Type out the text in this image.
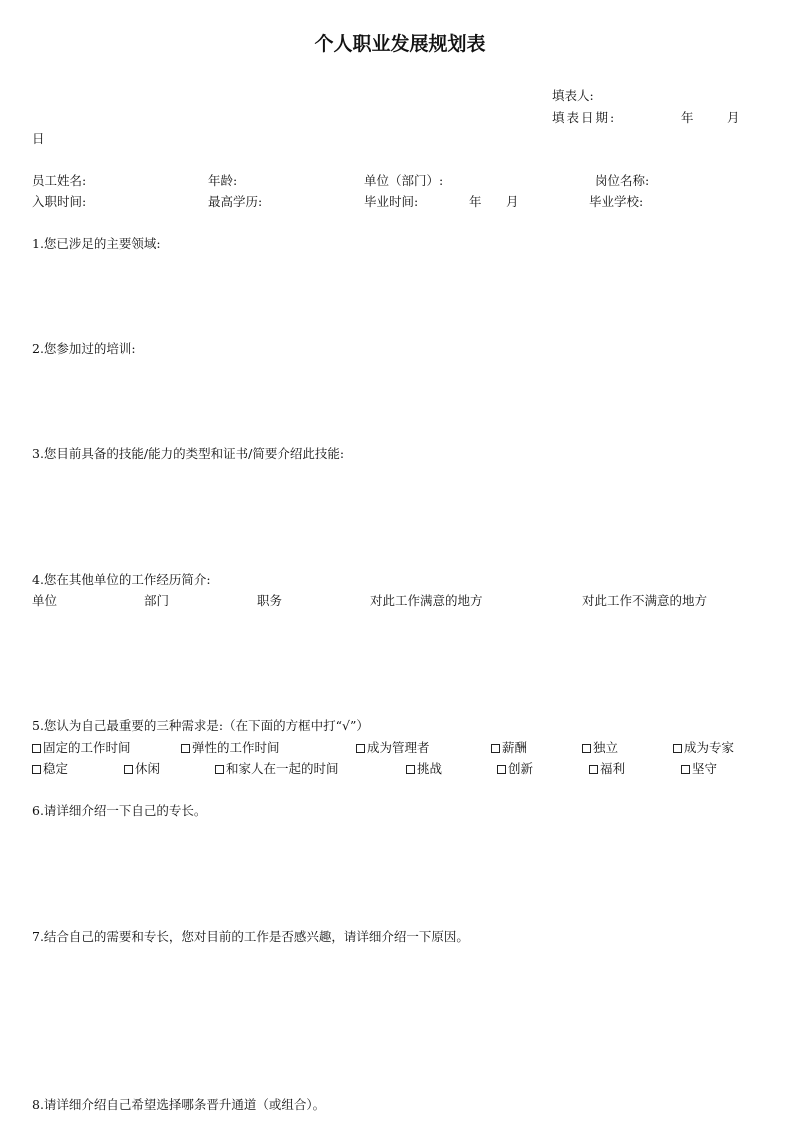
个人职业发展规划表
填表人:
填表日期:	年	月
日
员工姓名:	年龄:	单位（部门）:	岗位名称:
入职时间:	最高学历:	毕业时间:	年 月	毕业学校:
1.您已涉足的主要领域:
2.您参加过的培训:
3.您目前具备的技能/能力的类型和证书/简要介绍此技能:
4.您在其他单位的工作经历简介:
单位	部门	职务	对此工作满意的地方	对此工作不满意的地方
5.您认为自己最重要的三种需求是:（在下面的方框中打“√”）
固定的工作时间	弹性的工作时间	成为管理者	薪酬	独立	成为专家
稳定	休闲	和家人在一起的时间	挑战	创新	福利	坚守
6.请详细介绍一下自己的专长。
7.结合自己的需要和专长，您对目前的工作是否感兴趣，请详细介绍一下原因。
8.请详细介绍自己希望选择哪条晋升通道（或组合）。
